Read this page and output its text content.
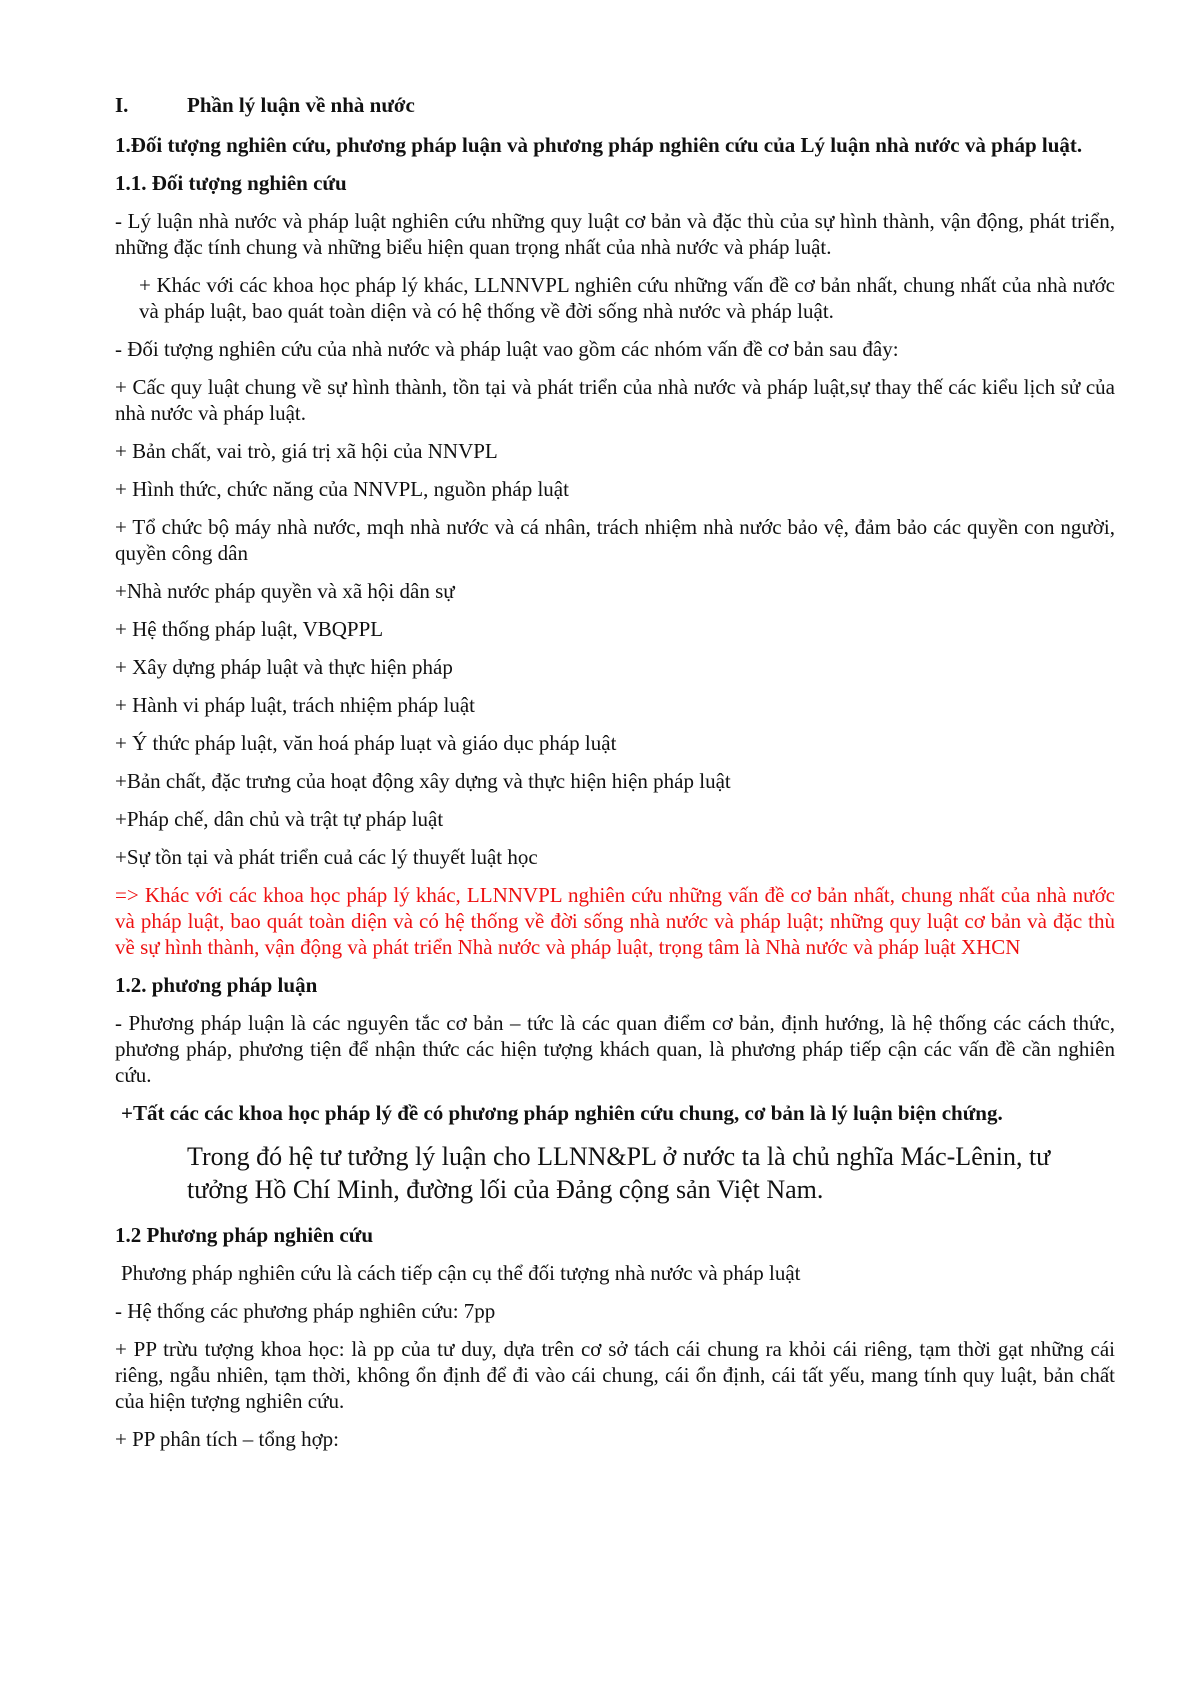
I.	Phần lý luận về nhà nước

1.Đối tượng nghiên cứu, phương pháp luận và phương pháp nghiên cứu của Lý luận nhà nước và pháp luật.

1.1. Đối tượng nghiên cứu

- Lý luận nhà nước và pháp luật nghiên cứu những quy luật cơ bản và đặc thù của sự hình thành, vận động, phát triển, những đặc tính chung và những biểu hiện quan trọng nhất của nhà nước và pháp luật.

+ Khác với các khoa học pháp lý khác, LLNNVPL nghiên cứu những vấn đề cơ bản nhất, chung nhất của nhà nước và pháp luật, bao quát toàn diện và có hệ thống về đời sống nhà nước và pháp luật.

- Đối tượng nghiên cứu của nhà nước và pháp luật vao gồm các nhóm vấn đề cơ bản sau đây:

+ Cấc quy luật chung về sự hình thành, tồn tại và phát triển của nhà nước và pháp luật,sự thay thế các kiểu lịch sử của nhà nước và pháp luật.

+ Bản chất, vai trò, giá trị xã hội của NNVPL

+ Hình thức, chức năng của NNVPL, nguồn pháp luật

+ Tổ chức bộ máy nhà nước, mqh nhà nước và cá nhân, trách nhiệm nhà nước bảo vệ, đảm bảo các quyền con người, quyền công dân

+Nhà nước pháp quyền và xã hội dân sự

+ Hệ thống pháp luật, VBQPPL

+ Xây dựng pháp luật và thực hiện pháp

+ Hành vi pháp luật, trách nhiệm pháp luật

+ Ý thức pháp luật, văn hoá pháp luạt và giáo dục pháp luật

+Bản chất, đặc trưng của hoạt động xây dựng và thực hiện hiện pháp luật

+Pháp chế, dân chủ và trật tự pháp luật

+Sự tồn tại và phát triển cuả các lý thuyết luật học

=> Khác với các khoa học pháp lý khác, LLNNVPL nghiên cứu những vấn đề cơ bản nhất, chung nhất của nhà nước và pháp luật, bao quát toàn diện và có hệ thống về đời sống nhà nước và pháp luật; những quy luật cơ bản và đặc thù về sự hình thành, vận động và phát triển Nhà nước và pháp luật, trọng tâm là Nhà nước và pháp luật XHCN

1.2. phương pháp luận

- Phương pháp luận là các nguyên tắc cơ bản – tức là các quan điểm cơ bản, định hướng, là hệ thống các cách thức, phương pháp, phương tiện để nhận thức các hiện tượng khách quan, là phương pháp tiếp cận các vấn đề cần nghiên cứu.

+Tất các các khoa học pháp lý đề có phương pháp nghiên cứu chung, cơ bản là lý luận biện chứng.

Trong đó hệ tư tưởng lý luận cho LLNN&PL ở nước ta là chủ nghĩa Mác-Lênin, tư tưởng Hồ Chí Minh, đường lối của Đảng cộng sản Việt Nam.

1.2 Phương pháp nghiên cứu

Phương pháp nghiên cứu là cách tiếp cận cụ thể đối tượng nhà nước và pháp luật

- Hệ thống các phương pháp nghiên cứu: 7pp

+ PP trừu tượng khoa học: là pp của tư duy, dựa trên cơ sở tách cái chung ra khỏi cái riêng, tạm thời gạt những cái riêng, ngẫu nhiên, tạm thời, không ổn định để đi vào cái chung, cái ổn định, cái tất yếu, mang tính quy luật, bản chất của hiện tượng nghiên cứu.

+ PP phân tích – tổng hợp:
